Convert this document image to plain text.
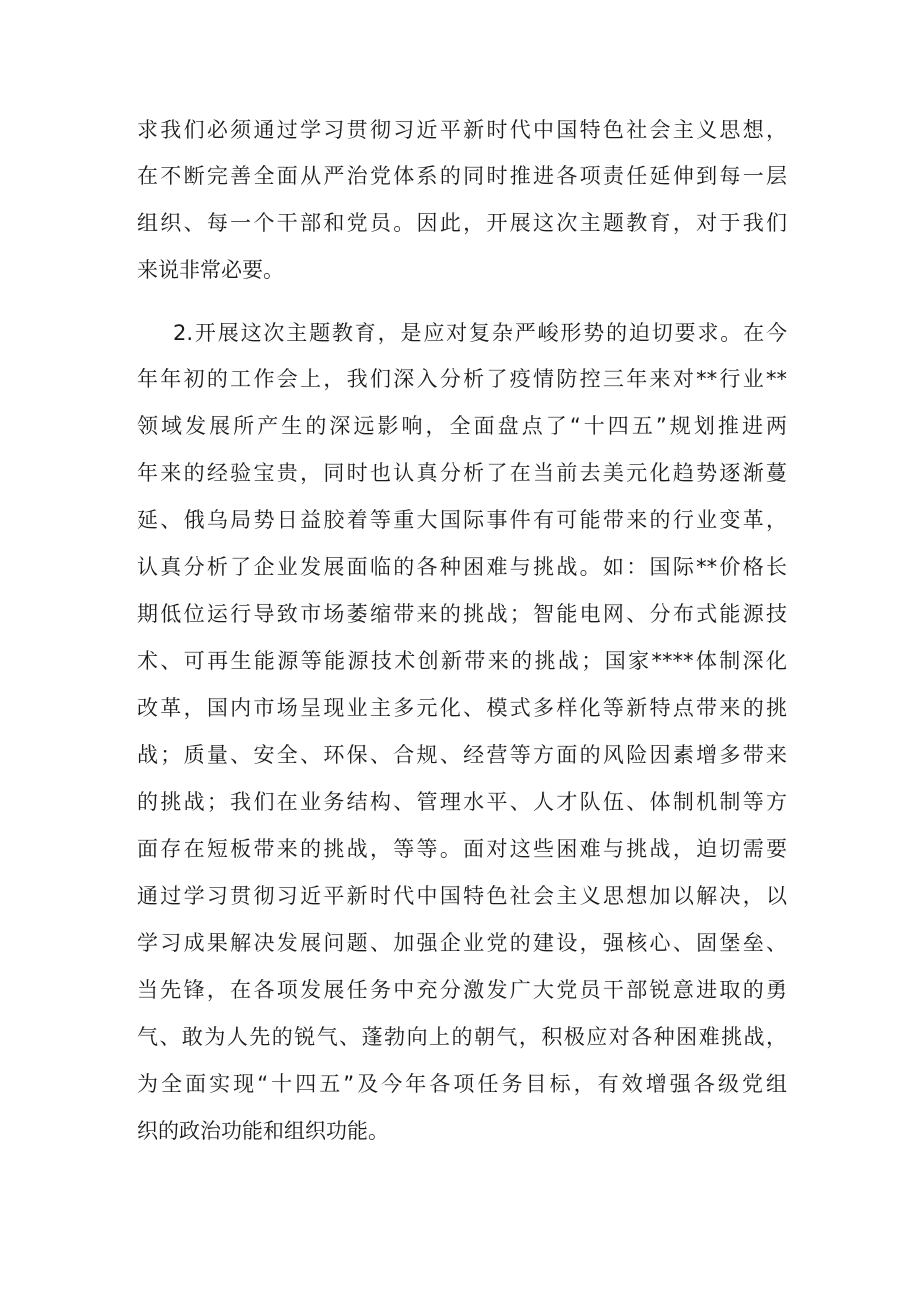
求我们必须通过学习贯彻习近平新时代中国特色社会主义思想，
在不断完善全面从严治党体系的同时推进各项责任延伸到每一层
组织、每一个干部和党员。因此，开展这次主题教育，对于我们
来说非常必要。
2.开展这次主题教育，是应对复杂严峻形势的迫切要求。在今
年年初的工作会上，我们深入分析了疫情防控三年来对**行业**
领域发展所产生的深远影响，全面盘点了“十四五”规划推进两
年来的经验宝贵，同时也认真分析了在当前去美元化趋势逐渐蔓
延、俄乌局势日益胶着等重大国际事件有可能带来的行业变革，
认真分析了企业发展面临的各种困难与挑战。如：国际**价格长
期低位运行导致市场萎缩带来的挑战；智能电网、分布式能源技
术、可再生能源等能源技术创新带来的挑战；国家****体制深化
改革，国内市场呈现业主多元化、模式多样化等新特点带来的挑
战；质量、安全、环保、合规、经营等方面的风险因素增多带来
的挑战；我们在业务结构、管理水平、人才队伍、体制机制等方
面存在短板带来的挑战，等等。面对这些困难与挑战，迫切需要
通过学习贯彻习近平新时代中国特色社会主义思想加以解决，以
学习成果解决发展问题、加强企业党的建设，强核心、固堡垒、
当先锋，在各项发展任务中充分激发广大党员干部锐意进取的勇
气、敢为人先的锐气、蓬勃向上的朝气，积极应对各种困难挑战，
为全面实现“十四五”及今年各项任务目标，有效增强各级党组
织的政治功能和组织功能。
